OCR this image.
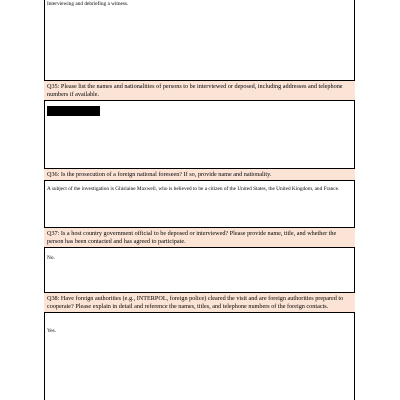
Interviewing and debriefing a witness.

Q35: Please list the names and nationalities of persons to be interviewed or deposed, including addresses and telephone numbers if available.
Q36: Is the prosecution of a foreign national foreseen? If so, provide name and nationality.

A subject of the investigation is Ghislaine Maxwell, who is believed to be a citizen of the United States, the United Kingdom, and France.

Q37: Is a host country government official to be deposed or interviewed? Please provide name, title, and whether the person has been contacted and has agreed to participate.

No.

Q38: Have foreign authorities (e.g., INTERPOL, foreign police) cleared the visit and are foreign authorities prepared to cooperate? Please explain in detail and reference the names, titles, and telephone numbers of the foreign contacts.

Yes.
